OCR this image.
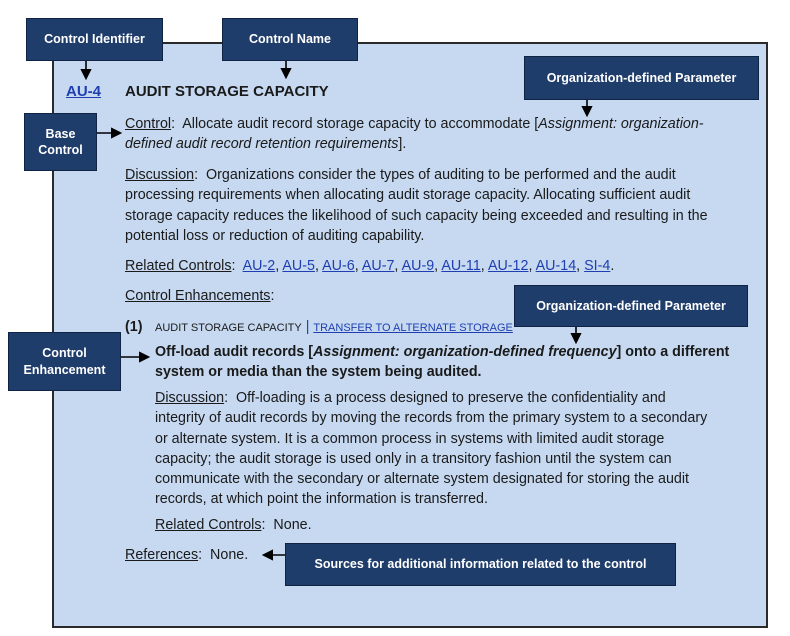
Control Identifier	Control Name
Organization-defined Parameter
Base Control
Organization-defined Parameter
Control Enhancement
Sources for additional information related to the control
AU-4 AUDIT STORAGE CAPACITY
Control:  Allocate audit record storage capacity to accommodate [Assignment: organization-
defined audit record retention requirements].
Discussion:  Organizations consider the types of auditing to be performed and the audit
processing requirements when allocating audit storage capacity. Allocating sufficient audit
storage capacity reduces the likelihood of such capacity being exceeded and resulting in the
potential loss or reduction of auditing capability.
Related Controls:  AU-2, AU-5, AU-6, AU-7, AU-9, AU-11, AU-12, AU-14, SI-4.
Control Enhancements:
(1) AUDIT STORAGE CAPACITY | TRANSFER TO ALTERNATE STORAGE
Off-load audit records [Assignment: organization-defined frequency] onto a different
system or media than the system being audited.
Discussion:  Off-loading is a process designed to preserve the confidentiality and
integrity of audit records by moving the records from the primary system to a secondary
or alternate system. It is a common process in systems with limited audit storage
capacity; the audit storage is used only in a transitory fashion until the system can
communicate with the secondary or alternate system designated for storing the audit
records, at which point the information is transferred.
Related Controls:  None.
References:  None.
